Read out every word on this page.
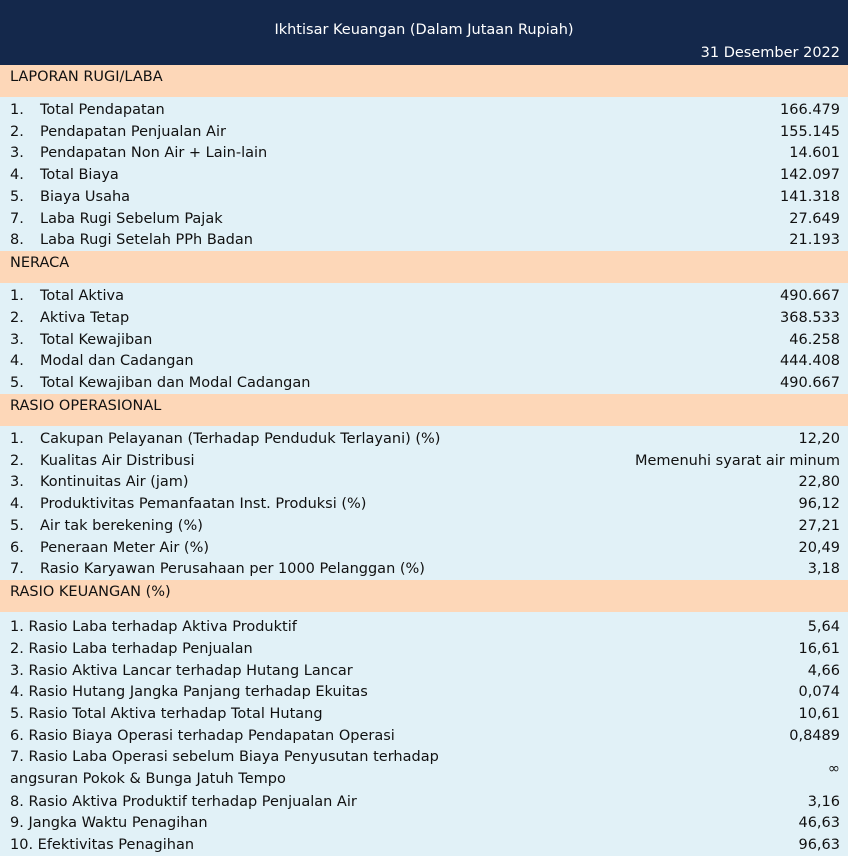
Ikhtisar Keuangan (Dalam Jutaan Rupiah)
31 Desember 2022
LAPORAN RUGI/LABA
1.	Total Pendapatan	166.479
2.	Pendapatan Penjualan Air	155.145
3.	Pendapatan Non Air + Lain-lain	14.601
4.	Total Biaya	142.097
5.	Biaya Usaha	141.318
7.	Laba Rugi Sebelum Pajak	27.649
8.	Laba Rugi Setelah PPh Badan	21.193
NERACA
1.	Total Aktiva	490.667
2.	Aktiva Tetap	368.533
3.	Total Kewajiban	46.258
4.	Modal dan Cadangan	444.408
5.	Total Kewajiban dan Modal Cadangan	490.667
RASIO OPERASIONAL
1.	Cakupan Pelayanan (Terhadap Penduduk Terlayani) (%)	12,20
2.	Kualitas Air Distribusi	Memenuhi syarat air minum
3.	Kontinuitas Air (jam)	22,80
4.	Produktivitas Pemanfaatan Inst. Produksi (%)	96,12
5.	Air tak berekening (%)	27,21
6.	Peneraan Meter Air (%)	20,49
7.	Rasio Karyawan Perusahaan per 1000 Pelanggan (%)	3,18
RASIO KEUANGAN (%)
1. Rasio Laba terhadap Aktiva Produktif	5,64
2. Rasio Laba terhadap Penjualan	16,61
3. Rasio Aktiva Lancar terhadap Hutang Lancar	4,66
4. Rasio Hutang Jangka Panjang terhadap Ekuitas	0,074
5. Rasio Total Aktiva terhadap Total Hutang	10,61
6. Rasio Biaya Operasi terhadap Pendapatan Operasi	0,8489
7. Rasio Laba Operasi sebelum Biaya Penyusutan terhadap
angsuran Pokok & Bunga Jatuh Tempo
∞
8. Rasio Aktiva Produktif terhadap Penjualan Air	3,16
9. Jangka Waktu Penagihan	46,63
10. Efektivitas Penagihan	96,63
